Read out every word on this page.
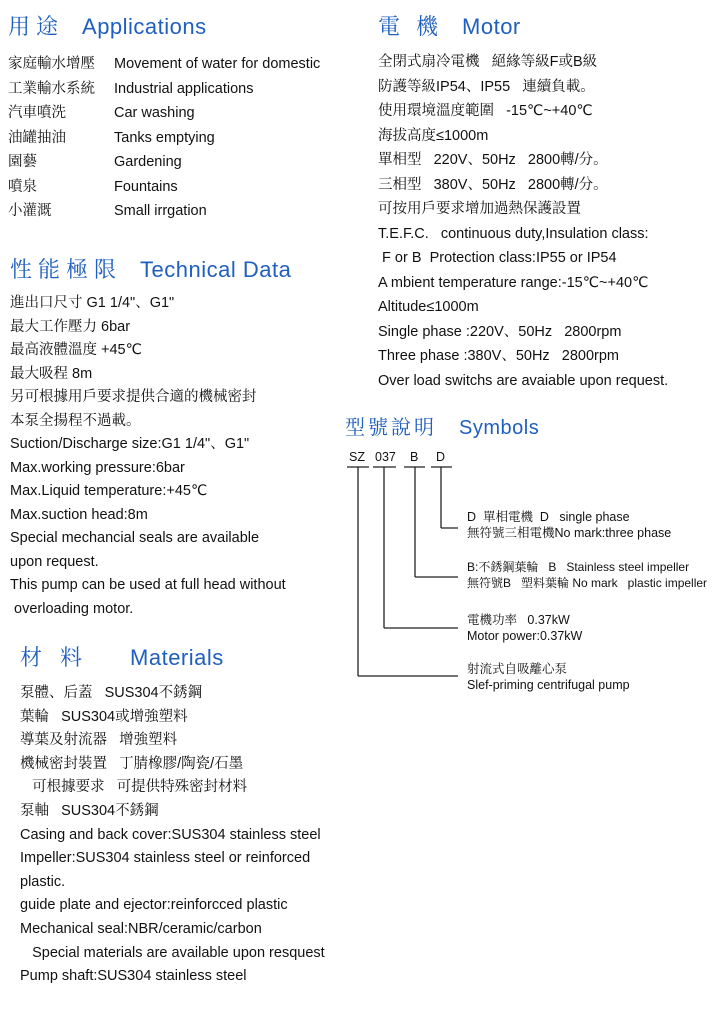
用途 Applications
家庭輸水增壓	Movement of water for domestic
工業輸水系統	Industrial applications
汽車噴洗	Car washing
油罐抽油	Tanks emptying
園藝	Gardening
噴泉	Fountains
小灌溉	Small irrgation
性能極限 Technical Data
進出口尺寸 G1 1/4"、G1"
最大工作壓力 6bar
最高液體溫度 +45℃
最大吸程 8m
另可根據用戶要求提供合適的機械密封
本泵全揚程不過載。
Suction/Discharge size:G1 1/4"、G1"
Max.working pressure:6bar
Max.Liquid temperature:+45℃
Max.suction head:8m
Special mechancial seals are available
upon request.
This pump can be used at full head without
overloading motor.
材料 Materials
泵體、后蓋   SUS304不銹鋼
葉輪   SUS304或增強塑料
導葉及射流器   增強塑料
機械密封裝置   丁腈橡膠/陶瓷/石墨
可根據要求   可提供特殊密封材料
泵軸   SUS304不銹鋼
Casing and back cover:SUS304 stainless steel
Impeller:SUS304 stainless steel or reinforced
plastic.
guide plate and ejector:reinforcced plastic
Mechanical seal:NBR/ceramic/carbon
Special materials are available upon resquest
Pump shaft:SUS304 stainless steel
電機 Motor
全閉式扇冷電機   絕緣等級F或B級
防護等級IP54、IP55   連續負載。
使用環境溫度範圍   -15℃~+40℃
海拔高度≤1000m
單相型   220V、50Hz   2800轉/分。
三相型   380V、50Hz   2800轉/分。
可按用戶要求增加過熱保護設置
T.E.F.C.   continuous duty,Insulation class:
F or B  Protection class:IP55 or IP54
A mbient temperature range:-15℃~+40℃
Altitude≤1000m
Single phase :220V、50Hz   2800rpm
Three phase :380V、50Hz   2800rpm
Over load switchs are avaiable upon request.
型號說明 Symbols
SZ 037 B D
D  單相電機  D   single phase
無符號三相電機No mark:three phase
B:不銹鋼葉輪   B   Stainless steel impeller
無符號B   塑料葉輪 No mark   plastic impeller
電機功率   0.37kW
Motor power:0.37kW
射流式自吸離心泵
Slef-priming centrifugal pump
